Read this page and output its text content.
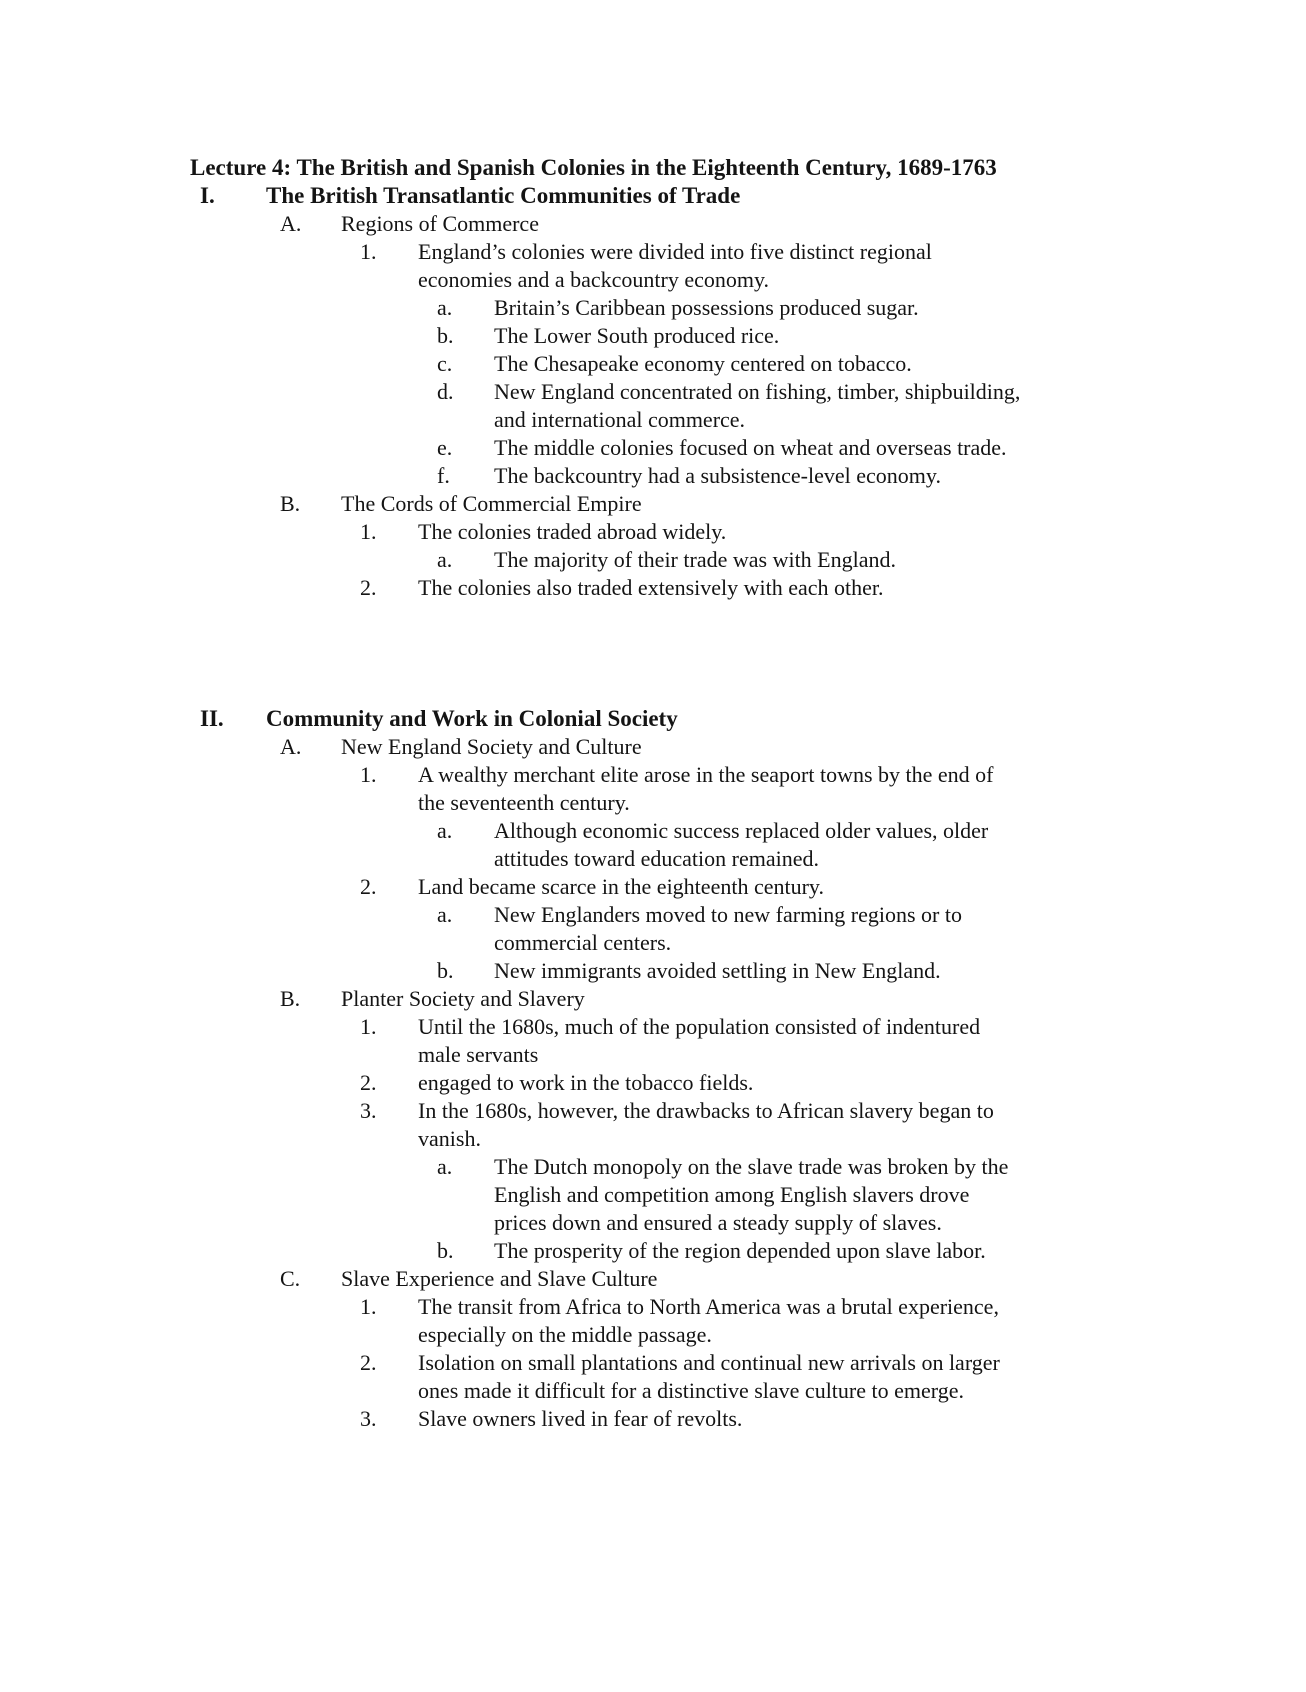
Lecture 4: The British and Spanish Colonies in the Eighteenth Century, 1689-1763
I. The British Transatlantic Communities of Trade
A. Regions of Commerce
1. England’s colonies were divided into five distinct regional
economies and a backcountry economy.
a. Britain’s Caribbean possessions produced sugar.
b. The Lower South produced rice.
c. The Chesapeake economy centered on tobacco.
d. New England concentrated on fishing, timber, shipbuilding,
and international commerce.
e. The middle colonies focused on wheat and overseas trade.
f. The backcountry had a subsistence-level economy.
B. The Cords of Commercial Empire
1. The colonies traded abroad widely.
a. The majority of their trade was with England.
2. The colonies also traded extensively with each other.
II. Community and Work in Colonial Society
A. New England Society and Culture
1. A wealthy merchant elite arose in the seaport towns by the end of
the seventeenth century.
a. Although economic success replaced older values, older
attitudes toward education remained.
2. Land became scarce in the eighteenth century.
a. New Englanders moved to new farming regions or to
commercial centers.
b. New immigrants avoided settling in New England.
B. Planter Society and Slavery
1. Until the 1680s, much of the population consisted of indentured
male servants
2. engaged to work in the tobacco fields.
3. In the 1680s, however, the drawbacks to African slavery began to
vanish.
a. The Dutch monopoly on the slave trade was broken by the
English and competition among English slavers drove
prices down and ensured a steady supply of slaves.
b. The prosperity of the region depended upon slave labor.
C. Slave Experience and Slave Culture
1. The transit from Africa to North America was a brutal experience,
especially on the middle passage.
2. Isolation on small plantations and continual new arrivals on larger
ones made it difficult for a distinctive slave culture to emerge.
3. Slave owners lived in fear of revolts.
